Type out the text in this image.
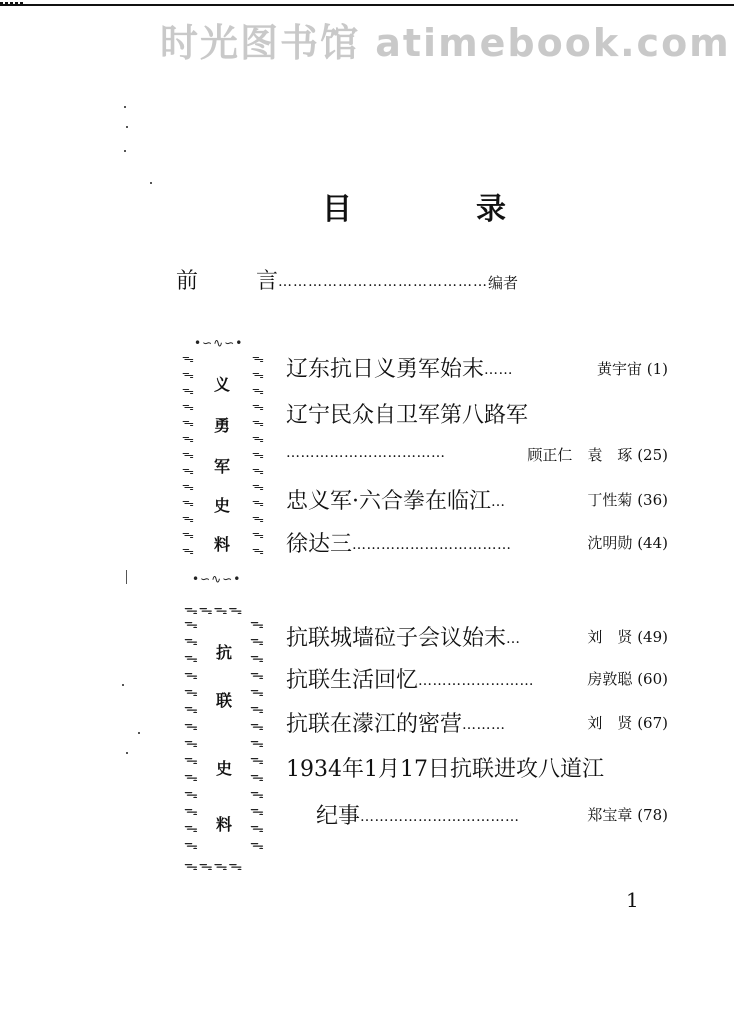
时光图书馆 atimebook.com
目	录
前	言……………………………………编者
•∽∿∽•
ᯓ
ᯓ
ᯓ
ᯓ
ᯓ
ᯓ
ᯓ
ᯓ
ᯓ
ᯓ
ᯓ
ᯓ
ᯓ
ᯓ
ᯓ
ᯓ
ᯓ
ᯓ
ᯓ
ᯓ
ᯓ
ᯓ
ᯓ
ᯓ
ᯓ
ᯓ
义
勇
军
史
料
•∽∿∽•
辽东抗日义勇军始末……	黄宇宙 (1)
辽宁民众自卫军第八路军
……………………………	顾正仁　袁　琢 (25)
忠义军·六合拳在临江…	丁性菊 (36)
徐达三……………………………	沈明勋 (44)
ᯓᯓᯓᯓ
ᯓ
ᯓ
ᯓ
ᯓ
ᯓ
ᯓ
ᯓ
ᯓ
ᯓ
ᯓ
ᯓ
ᯓ
ᯓ
ᯓ
ᯓ
ᯓ
ᯓ
ᯓ
ᯓ
ᯓ
ᯓ
ᯓ
ᯓ
ᯓ
ᯓ
ᯓ
ᯓ
ᯓ
抗
联
史
料
ᯓᯓᯓᯓ
抗联城墙砬子会议始末…	刘　贤 (49)
抗联生活回忆……………………	房敦聪 (60)
抗联在濛江的密营………	刘　贤 (67)
1934年1月17日抗联进攻八道江
纪事……………………………	郑宝章 (78)
1
